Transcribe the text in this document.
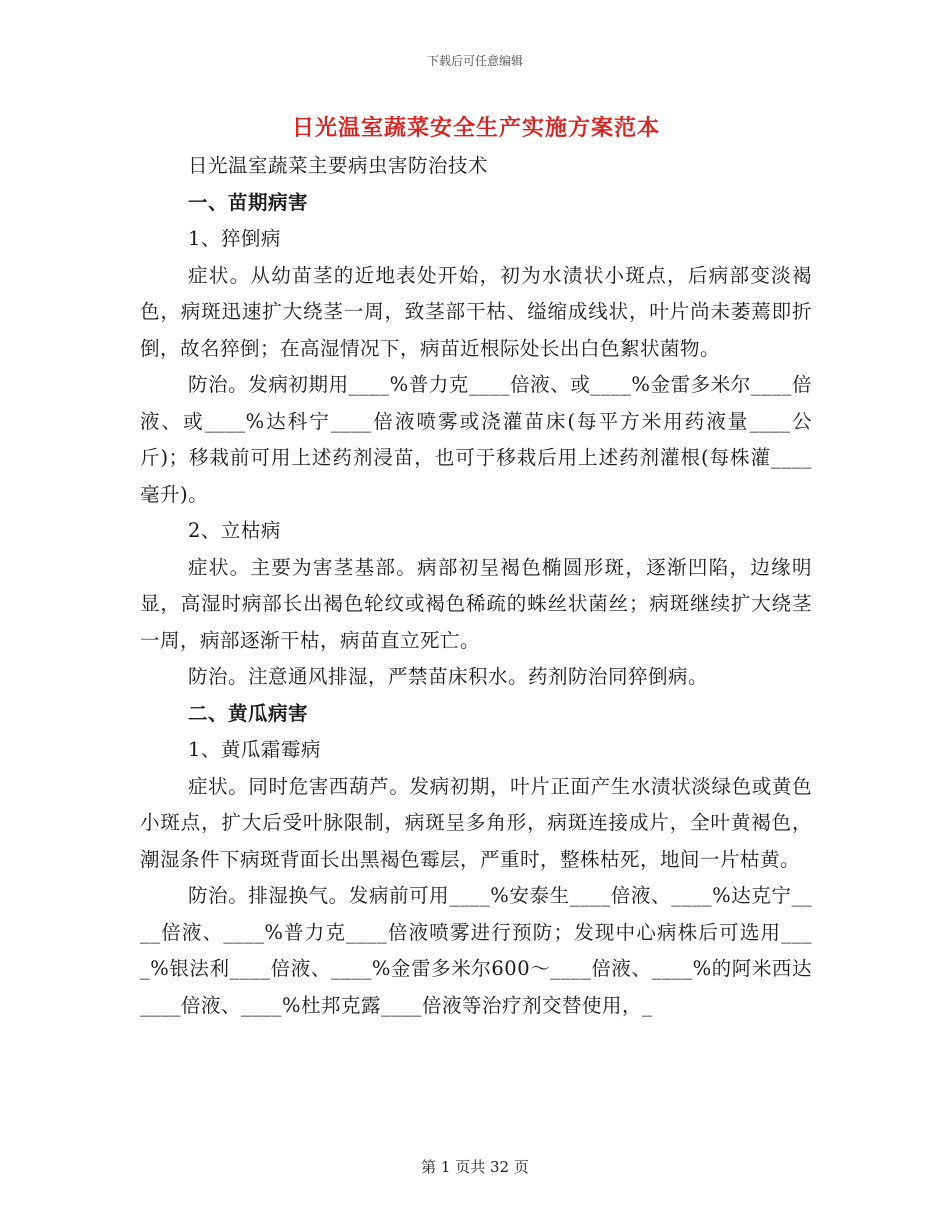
下载后可任意编辑
日光温室蔬菜安全生产实施方案范本

日光温室蔬菜主要病虫害防治技术

一、苗期病害

1、猝倒病

症状。从幼苗茎的近地表处开始，初为水渍状小斑点，后病部变淡褐色，病斑迅速扩大绕茎一周，致茎部干枯、缢缩成线状，叶片尚未萎蔫即折倒，故名猝倒；在高湿情况下，病苗近根际处长出白色絮状菌物。

防治。发病初期用____%普力克____倍液、或____%金雷多米尔____倍液、或____%达科宁____倍液喷雾或浇灌苗床(每平方米用药液量____公斤)；移栽前可用上述药剂浸苗，也可于移栽后用上述药剂灌根(每株灌____毫升)。

2、立枯病

症状。主要为害茎基部。病部初呈褐色椭圆形斑，逐渐凹陷，边缘明显，高湿时病部长出褐色轮纹或褐色稀疏的蛛丝状菌丝；病斑继续扩大绕茎一周，病部逐渐干枯，病苗直立死亡。

防治。注意通风排湿，严禁苗床积水。药剂防治同猝倒病。

二、黄瓜病害

1、黄瓜霜霉病

症状。同时危害西葫芦。发病初期，叶片正面产生水渍状淡绿色或黄色小斑点，扩大后受叶脉限制，病斑呈多角形，病斑连接成片，全叶黄褐色，潮湿条件下病斑背面长出黑褐色霉层，严重时，整株枯死，地间一片枯黄。

防治。排湿换气。发病前可用____%安泰生____倍液、____%达克宁____倍液、____%普力克____倍液喷雾进行预防；发现中心病株后可选用____%银法利____倍液、____%金雷多米尔600～____倍液、____%的阿米西达____倍液、____%杜邦克露____倍液等治疗剂交替使用，_

第 1 页共 32 页
